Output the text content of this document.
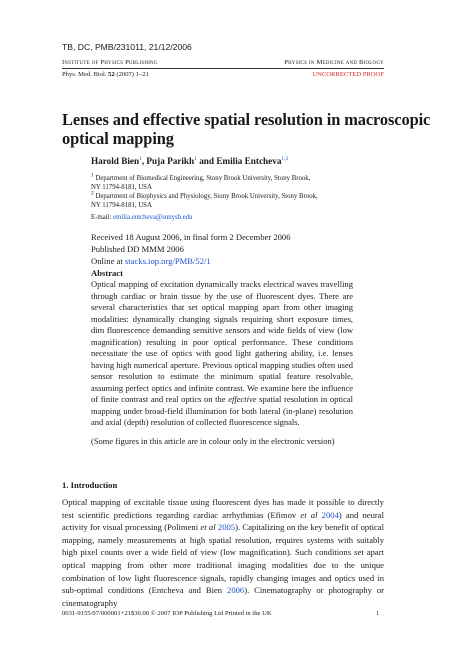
TB, DC, PMB/231011, 21/12/2006
Institute of Physics Publishing	Physics in Medicine and Biology
Phys. Med. Biol. 52 (2007) 1–21	UNCORRECTED PROOF
Lenses and effective spatial resolution in macroscopic
optical mapping
Harold Bien$^1$, Puja Parikh$^1$ and Emilia Entcheva$^{1,2}$
$^1$ Department of Biomedical Engineering, Stony Brook University, Stony Brook,
NY 11794-8181, USA
$^2$ Department of Biophysics and Physiology, Stony Brook University, Stony Brook,
NY 11794-8181, USA
E-mail: emilia.entcheva@sunysb.edu
Received 18 August 2006, in final form 2 December 2006
Published DD MMM 2006
Online at stacks.iop.org/PMB/52/1
Abstract
Optical mapping of excitation dynamically tracks electrical waves travelling through cardiac or brain tissue by the use of fluorescent dyes. There are several characteristics that set optical mapping apart from other imaging modalities: dynamically changing signals requiring short exposure times, dim fluorescence demanding sensitive sensors and wide fields of view (low magnification) resulting in poor optical performance. These conditions necessitate the use of optics with good light gathering ability, i.e. lenses having high numerical aperture. Previous optical mapping studies often used sensor resolution to estimate the minimum spatial feature resolvable, assuming perfect optics and infinite contrast. We examine here the influence of finite contrast and real optics on the effective spatial resolution in optical mapping under broad-field illumination for both lateral (in-plane) resolution and axial (depth) resolution of collected fluorescence signals.
(Some figures in this article are in colour only in the electronic version)
1. Introduction
Optical mapping of excitable tissue using fluorescent dyes has made it possible to directly test scientific predictions regarding cardiac arrhythmias (Efimov et al 2004) and neural activity for visual processing (Polimeni et al 2005). Capitalizing on the key benefit of optical mapping, namely measurements at high spatial resolution, requires systems with suitably high pixel counts over a wide field of view (low magnification). Such conditions set apart optical mapping from other more traditional imaging modalities due to the unique combination of low light fluorescence signals, rapidly changing images and optics used in sub-optimal conditions (Entcheva and Bien 2006). Cinematography or photography or cinematography
0031-9155/07/000001+21$30.00 © 2007 IOP Publishing Ltd Printed in the UK	1
